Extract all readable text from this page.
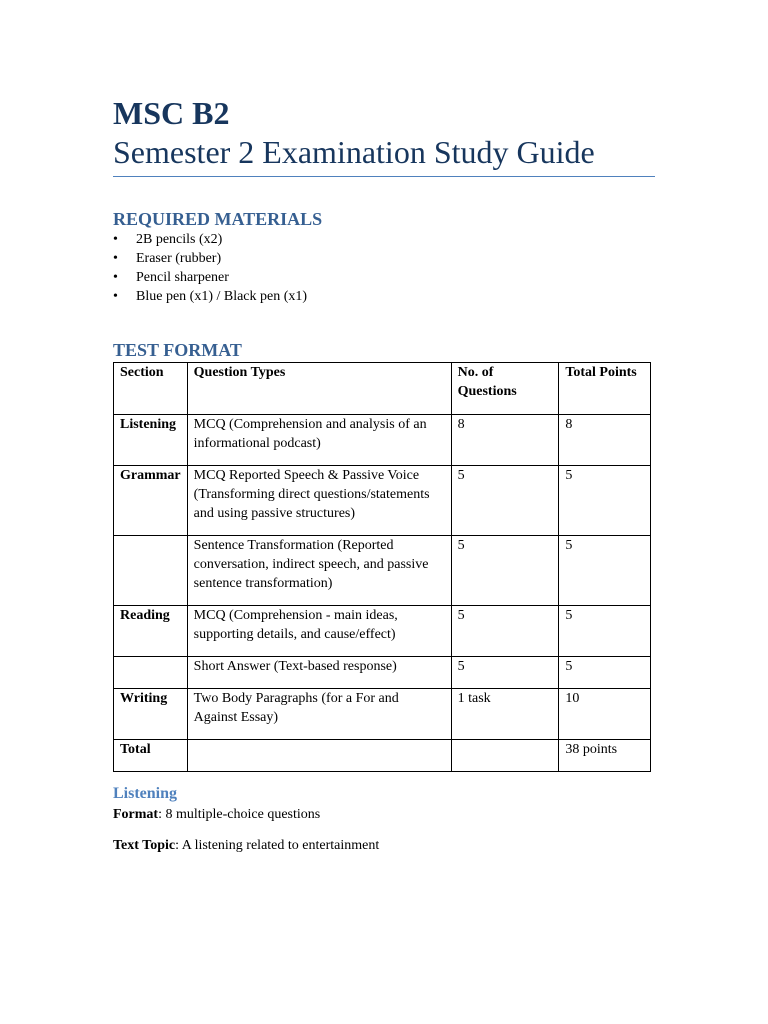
MSC B2
Semester 2 Examination Study Guide
REQUIRED MATERIALS
• 2B pencils (x2)
• Eraser (rubber)
• Pencil sharpener
• Blue pen (x1) / Black pen (x1)
TEST FORMAT
Section	Question Types	No. of Questions	Total Points
Listening	MCQ (Comprehension and analysis of an informational podcast)	8	8
Grammar	MCQ Reported Speech & Passive Voice (Transforming direct questions/statements and using passive structures)	5	5
	Sentence Transformation (Reported conversation, indirect speech, and passive sentence transformation)	5	5
Reading	MCQ (Comprehension - main ideas, supporting details, and cause/effect)	5	5
	Short Answer (Text-based response)	5	5
Writing	Two Body Paragraphs (for a For and Against Essay)	1 task	10
Total			38 points
Listening
Format: 8 multiple-choice questions
Text Topic: A listening related to entertainment
